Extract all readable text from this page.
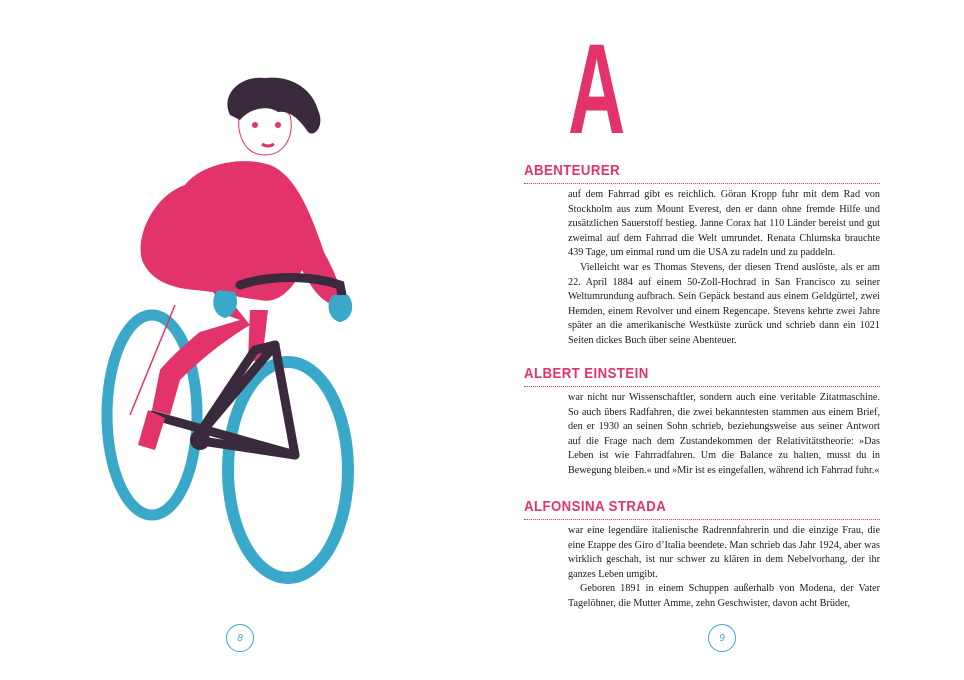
A
ABENTEURER

auf dem Fahrrad gibt es reichlich. Göran Kropp fuhr mit dem Rad von Stockholm aus zum Mount Everest, den er dann ohne fremde Hilfe und zusätzlichen Sauerstoff bestieg. Janne Corax hat 110 Länder bereist und gut zweimal auf dem Fahrrad die Welt umrundet. Renata Chlumska brauchte 439 Tage, um einmal rund um die USA zu radeln und zu paddeln.

Vielleicht war es Thomas Stevens, der diesen Trend auslöste, als er am 22. April 1884 auf einem 50-Zoll-Hochrad in San Francisco zu seiner Weltumrundung aufbrach. Sein Gepäck bestand aus einem Geldgürtel, zwei Hemden, einem Revolver und einem Regencape. Stevens kehrte zwei Jahre später an die amerikanische Westküste zurück und schrieb dann ein 1021 Seiten dickes Buch über seine Abenteuer.

ALBERT EINSTEIN

war nicht nur Wissenschaftler, sondern auch eine veritable Zitatmaschine. So auch übers Radfahren, die zwei bekanntesten stammen aus einem Brief, den er 1930 an seinen Sohn schrieb, beziehungsweise aus seiner Antwort auf die Frage nach dem Zustandekommen der Relativitätstheorie: »Das Leben ist wie Fahrradfahren. Um die Balance zu halten, musst du in Bewegung bleiben.« und »Mir ist es eingefallen, während ich Fahrrad fuhr.«

ALFONSINA STRADA

war eine legendäre italienische Radrennfahrerin und die einzige Frau, die eine Etappe des Giro d’Italia beendete. Man schrieb das Jahr 1924, aber was wirklich geschah, ist nur schwer zu klären in dem Nebelvorhang, der ihr ganzes Leben umgibt.

Geboren 1891 in einem Schuppen außerhalb von Modena, der Vater Tagelöhner, die Mutter Amme, zehn Geschwister, davon acht Brüder,

8	9
